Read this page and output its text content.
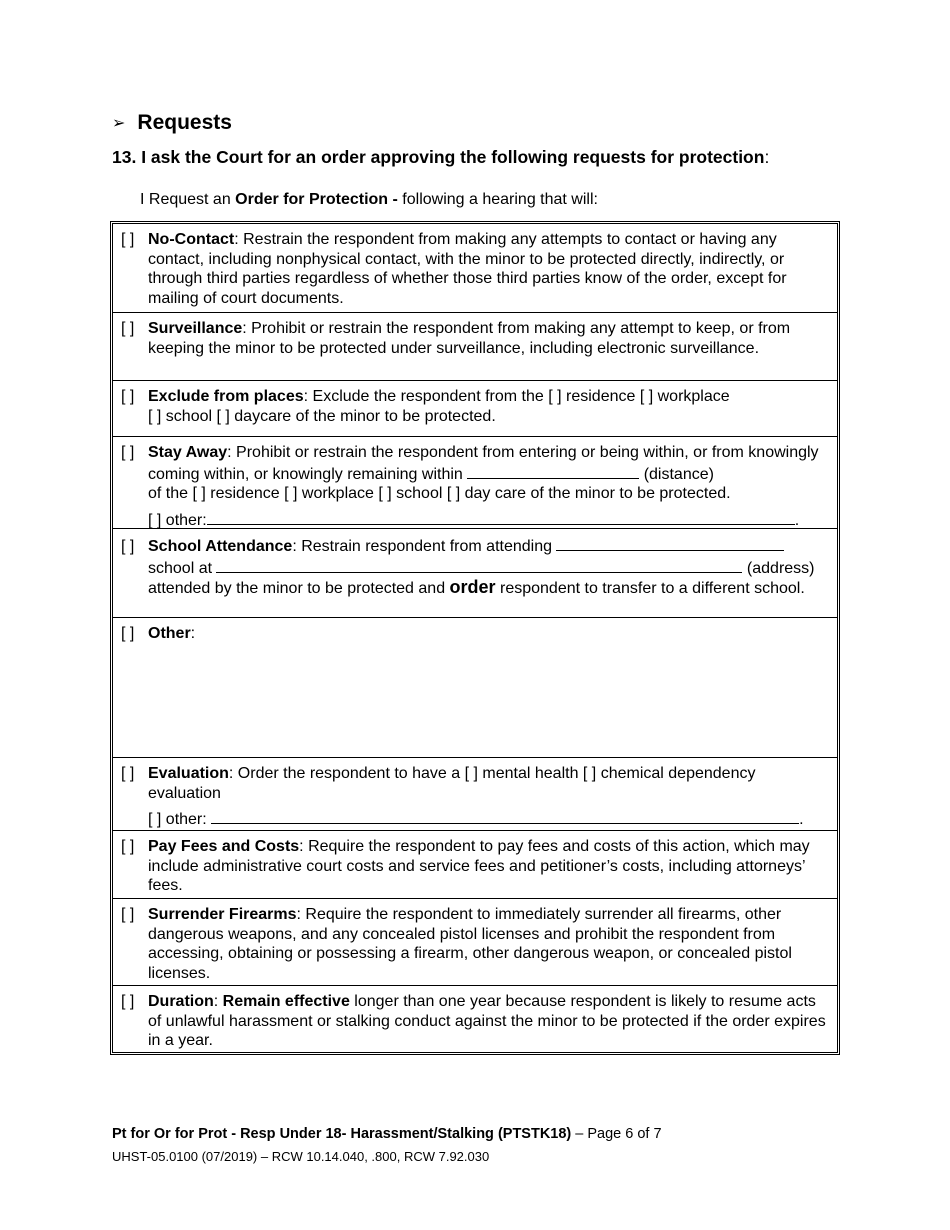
➢ Requests
13. I ask the Court for an order approving the following requests for protection:
I Request an Order for Protection - following a hearing that will:
[ ] No-Contact: Restrain the respondent from making any attempts to contact or having any contact, including nonphysical contact, with the minor to be protected directly, indirectly, or through third parties regardless of whether those third parties know of the order, except for mailing of court documents.
[ ] Surveillance: Prohibit or restrain the respondent from making any attempt to keep, or from keeping the minor to be protected under surveillance, including electronic surveillance.
[ ] Exclude from places: Exclude the respondent from the [ ] residence [ ] workplace
[ ] school [ ] daycare of the minor to be protected.
[ ] Stay Away: Prohibit or restrain the respondent from entering or being within, or from knowingly coming within, or knowingly remaining within	(distance)
of the [ ] residence [ ] workplace [ ] school [ ] day care of the minor to be protected.
[ ] other:	.
[ ] School Attendance: Restrain respondent from attending
school at	(address)
attended by the minor to be protected and order respondent to transfer to a different school.
[ ] Other:
[ ] Evaluation: Order the respondent to have a [ ] mental health [ ] chemical dependency evaluation
[ ] other:	.
[ ] Pay Fees and Costs: Require the respondent to pay fees and costs of this action, which may include administrative court costs and service fees and petitioner’s costs, including attorneys’ fees.
[ ] Surrender Firearms: Require the respondent to immediately surrender all firearms, other dangerous weapons, and any concealed pistol licenses and prohibit the respondent from accessing, obtaining or possessing a firearm, other dangerous weapon, or concealed pistol licenses.
[ ] Duration: Remain effective longer than one year because respondent is likely to resume acts of unlawful harassment or stalking conduct against the minor to be protected if the order expires in a year.
Pt for Or for Prot - Resp Under 18- Harassment/Stalking (PTSTK18) – Page 6 of 7
UHST-05.0100 (07/2019) – RCW 10.14.040, .800, RCW 7.92.030
